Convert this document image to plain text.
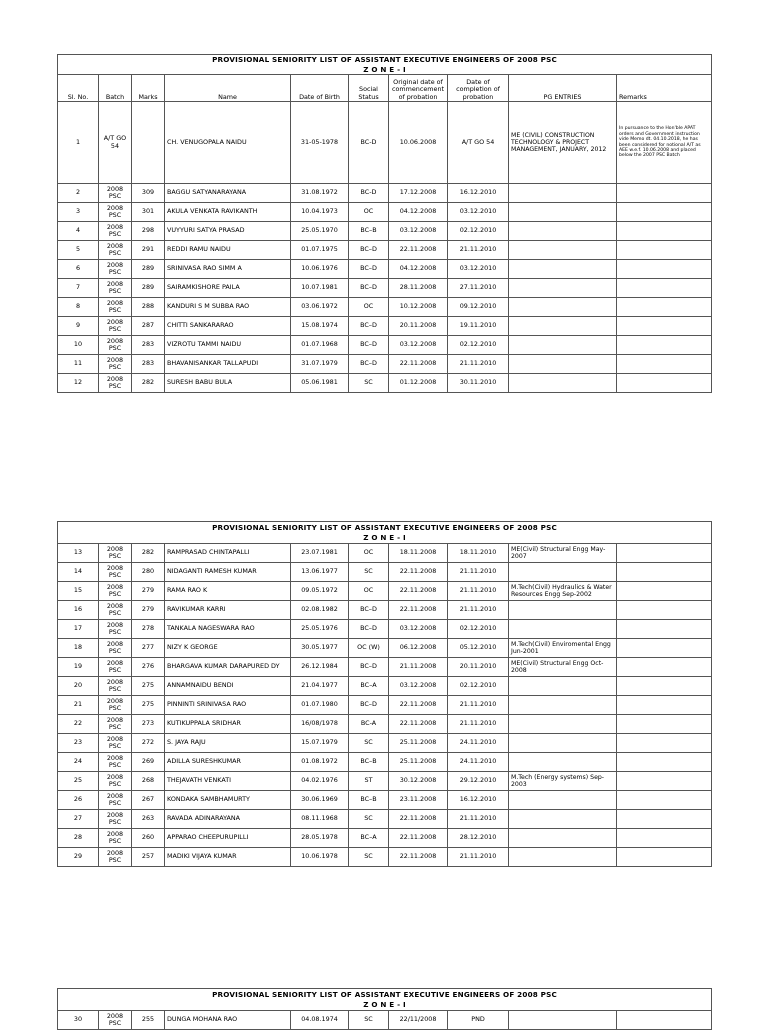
PROVISIONAL SENIORITY LIST OF ASSISTANT EXECUTIVE ENGINEERS OF 2008 PSC									
Z O N E - I									
Sl. No.	Batch	Marks	Name	Date of Birth	Social Status	Original date of commencement of probation	Date of completion of probation	PG ENTRIES	Remarks
1	A/T GO 54		CH. VENUGOPALA NAIDU	31-05-1978	BC-D	10.06.2008	A/T GO 54	ME (CIVIL) CONSTRUCTION TECHNOLOGY & PROJECT MANAGEMENT, JANUARY, 2012	In pursuance to the Hon'ble APAT orders and Government instruction vide Memo dt. 04.10.2018, he has been considered for notional A/T as AEE w.e.f. 10.06.2008 and placed below the 2007 PSC Batch
2	2008 PSC	309	BAGGU SATYANARAYANA	31.08.1972	BC-D	17.12.2008	16.12.2010		
3	2008 PSC	301	AKULA VENKATA RAVIKANTH	10.04.1973	OC	04.12.2008	03.12.2010		
4	2008 PSC	298	VUYYURI SATYA PRASAD	25.05.1970	BC–B	03.12.2008	02.12.2010		
5	2008 PSC	291	REDDI RAMU NAIDU	01.07.1975	BC–D	22.11.2008	21.11.2010		
6	2008 PSC	289	SRINIVASA RAO SIMM A	10.06.1976	BC–D	04.12.2008	03.12.2010		
7	2008 PSC	289	SAIRAMKISHORE PAILA	10.07.1981	BC–D	28.11.2008	27.11.2010		
8	2008 PSC	288	KANDURI S M SUBBA RAO	03.06.1972	OC	10.12.2008	09.12.2010		
9	2008 PSC	287	CHITTI SANKARARAO	15.08.1974	BC–D	20.11.2008	19.11.2010		
10	2008 PSC	283	VIZROTU TAMMI NAIDU	01.07.1968	BC–D	03.12.2008	02.12.2010		
11	2008 PSC	283	BHAVANISANKAR TALLAPUDI	31.07.1979	BC–D	22.11.2008	21.11.2010		
12	2008 PSC	282	SURESH BABU BULA	05.06.1981	SC	01.12.2008	30.11.2010		
PROVISIONAL SENIORITY LIST OF ASSISTANT EXECUTIVE ENGINEERS OF 2008 PSC									
Z O N E - I									
13	2008 PSC	282	RAMPRASAD CHINTAPALLI	23.07.1981	OC	18.11.2008	18.11.2010	ME(Civil) Structural Engg May-2007	
14	2008 PSC	280	NIDAGANTI RAMESH KUMAR	13.06.1977	SC	22.11.2008	21.11.2010		
15	2008 PSC	279	RAMA RAO K	09.05.1972	OC	22.11.2008	21.11.2010	M.Tech(Civil) Hydraulics & Water Resources Engg Sep-2002	
16	2008 PSC	279	RAVIKUMAR KARRI	02.08.1982	BC–D	22.11.2008	21.11.2010		
17	2008 PSC	278	TANKALA NAGESWARA RAO	25.05.1976	BC–D	03.12.2008	02.12.2010		
18	2008 PSC	277	NIZY K GEORGE	30.05.1977	OC (W)	06.12.2008	05.12.2010	M.Tech(Civil) Enviromental Engg Jun-2001	
19	2008 PSC	276	BHARGAVA KUMAR DARAPURED DY	26.12.1984	BC–D	21.11.2008	20.11.2010	ME(Civil) Structural Engg Oct-2008	
20	2008 PSC	275	ANNAMNAIDU BENDI	21.04.1977	BC–A	03.12.2008	02.12.2010		
21	2008 PSC	275	PINNINTI SRINIVASA RAO	01.07.1980	BC–D	22.11.2008	21.11.2010		
22	2008 PSC	273	KUTIKUPPALA SRIDHAR	16/08/1978	BC-A	22.11.2008	21.11.2010		
23	2008 PSC	272	S. JAYA RAJU	15.07.1979	SC	25.11.2008	24.11.2010		
24	2008 PSC	269	ADILLA SURESHKUMAR	01.08.1972	BC–B	25.11.2008	24.11.2010		
25	2008 PSC	268	THEJAVATH VENKATI	04.02.1976	ST	30.12.2008	29.12.2010	M.Tech (Energy systems) Sep-2003	
26	2008 PSC	267	KONDAKA SAMBHAMURTY	30.06.1969	BC–B	23.11.2008	16.12.2010		
27	2008 PSC	263	RAVADA ADINARAYANA	08.11.1968	SC	22.11.2008	21.11.2010		
28	2008 PSC	260	APPARAO CHEEPURUPILLI	28.05.1978	BC–A	22.11.2008	28.12.2010		
29	2008 PSC	257	MADIKI VIJAYA KUMAR	10.06.1978	SC	22.11.2008	21.11.2010		
PROVISIONAL SENIORITY LIST OF ASSISTANT EXECUTIVE ENGINEERS OF 2008 PSC
Z O N E - I
30	2008 PSC	255	DUNGA MOHANA RAO	04.08.1974	SC	22/11/2008	PND		
